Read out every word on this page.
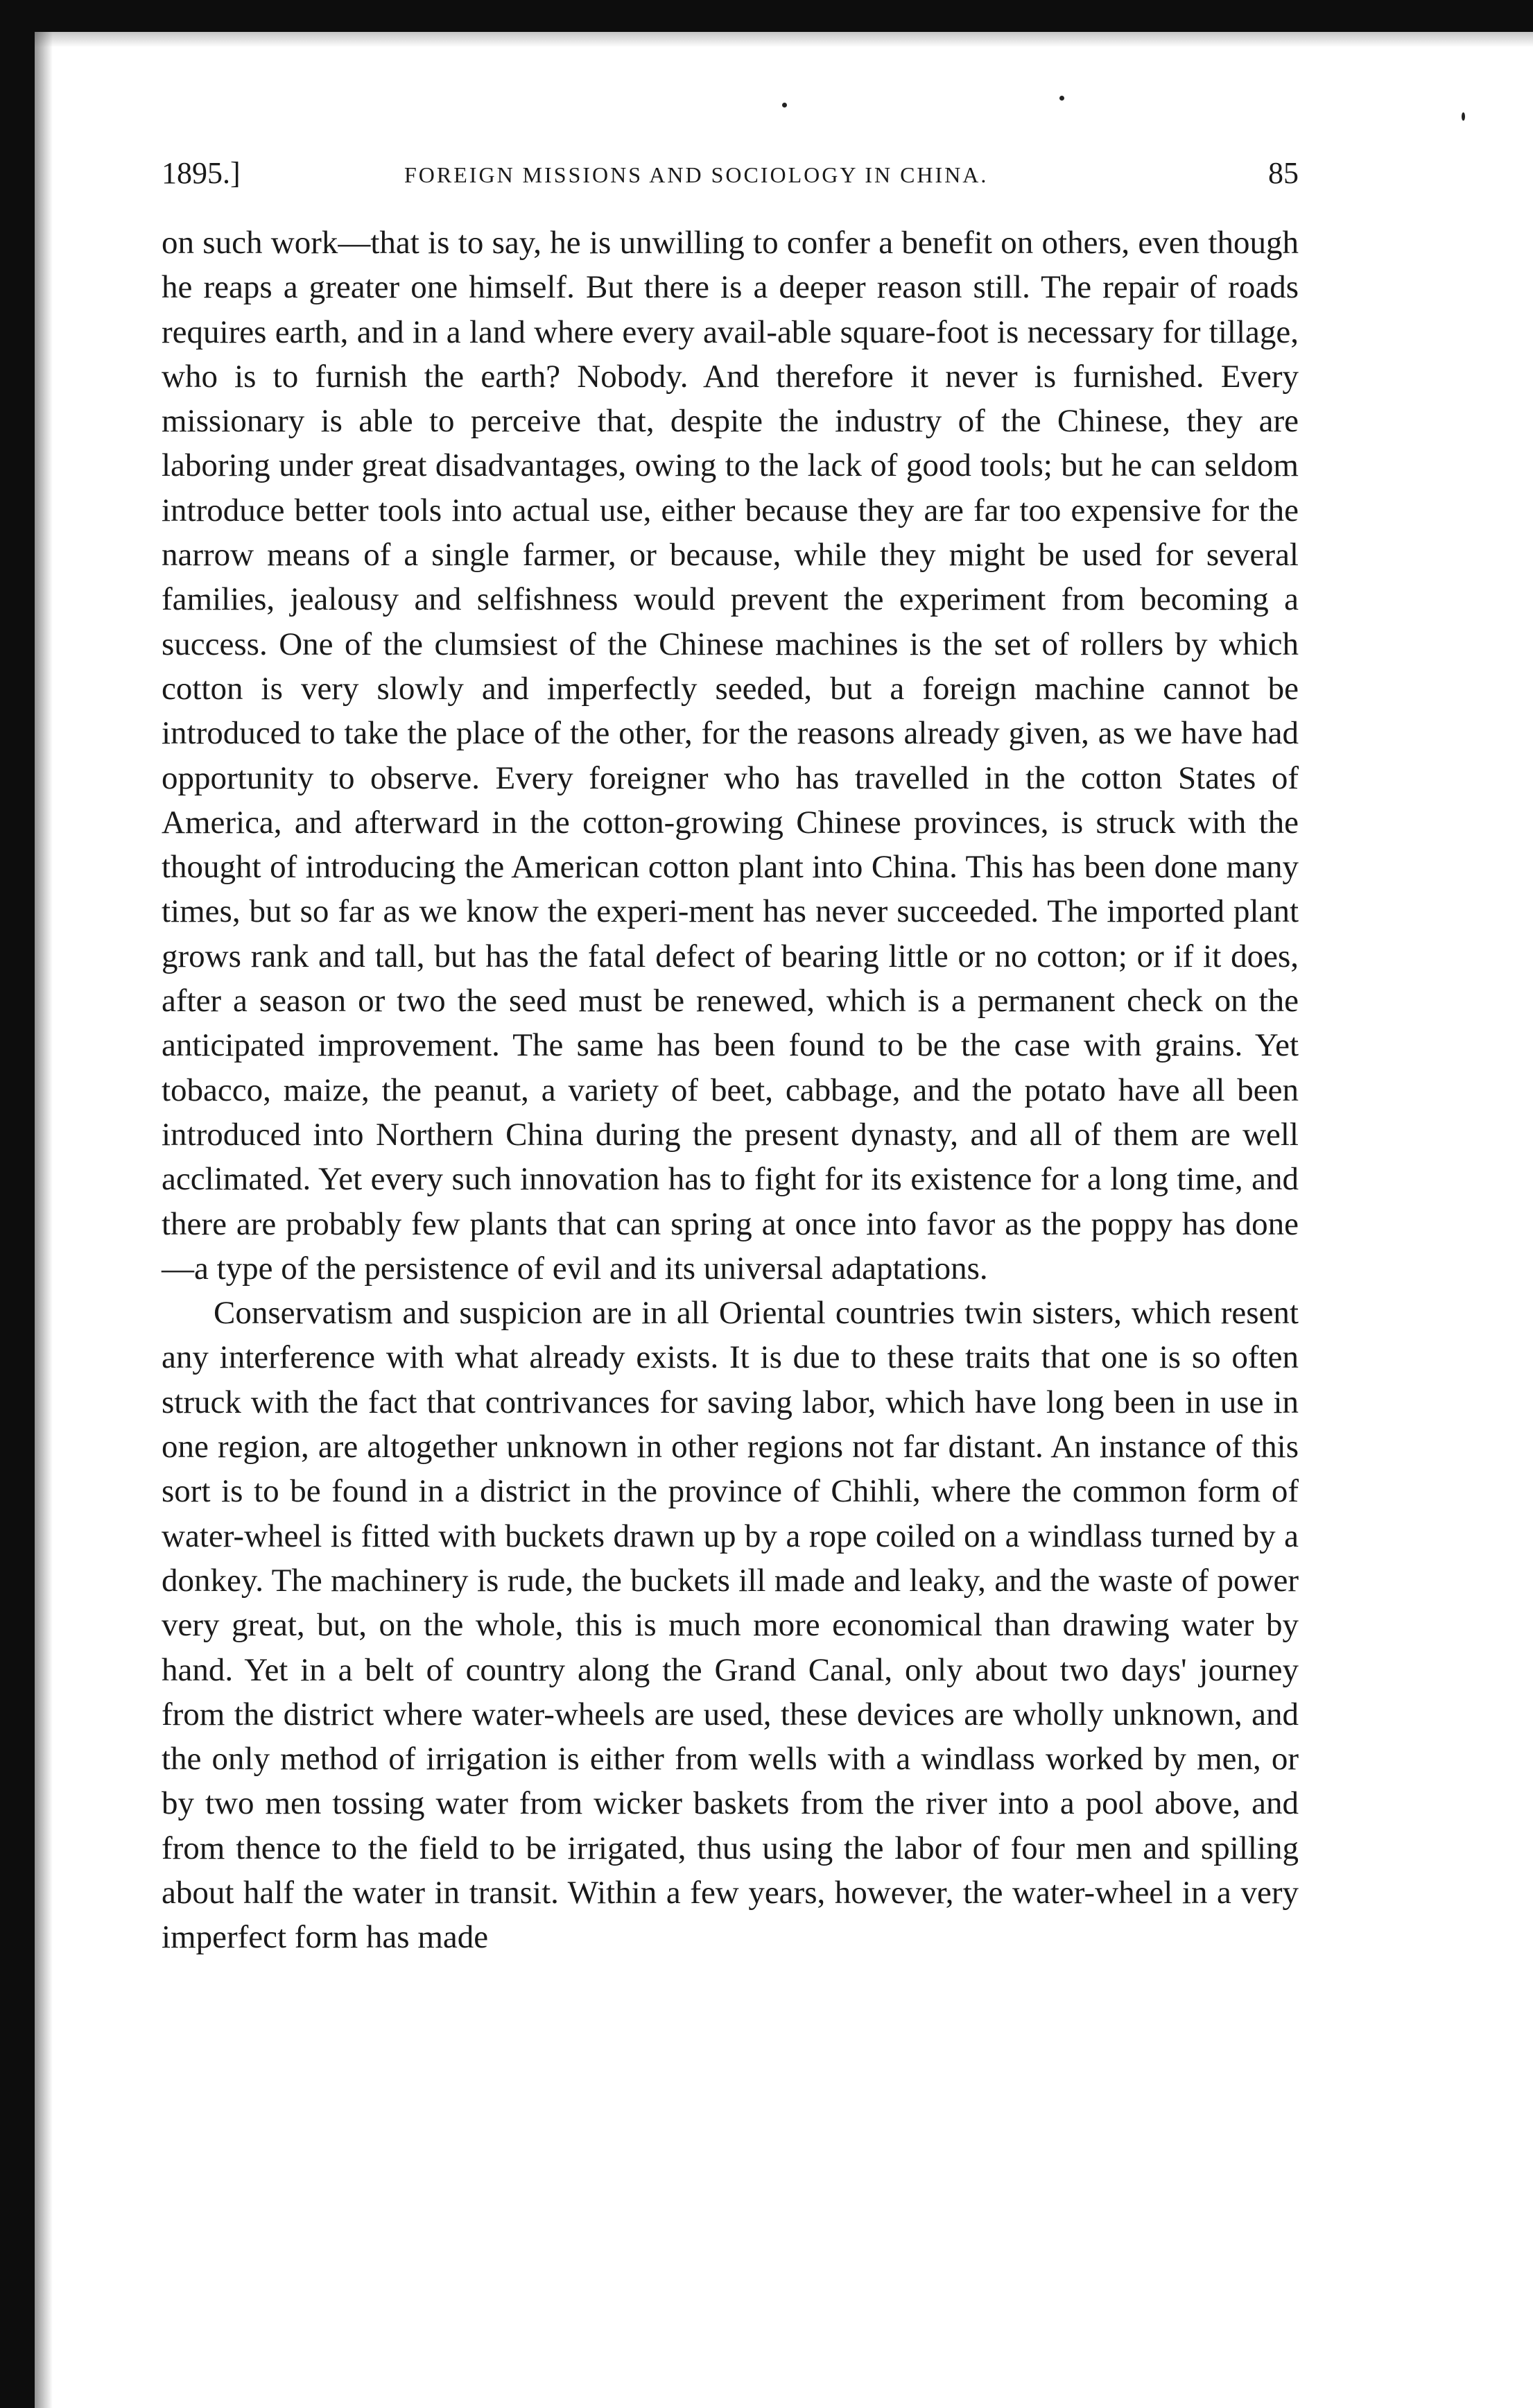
1895.]	FOREIGN MISSIONS AND SOCIOLOGY IN CHINA.	85

on such work—that is to say, he is unwilling to confer a benefit on others, even though he reaps a greater one himself. But there is a deeper reason still. The repair of roads requires earth, and in a land where every avail-able square-foot is necessary for tillage, who is to furnish the earth? Nobody. And therefore it never is furnished. Every missionary is able to perceive that, despite the industry of the Chinese, they are laboring under great disadvantages, owing to the lack of good tools; but he can seldom introduce better tools into actual use, either because they are far too expensive for the narrow means of a single farmer, or because, while they might be used for several families, jealousy and selfishness would prevent the experiment from becoming a success. One of the clumsiest of the Chinese machines is the set of rollers by which cotton is very slowly and imperfectly seeded, but a foreign machine cannot be introduced to take the place of the other, for the reasons already given, as we have had opportunity to observe. Every foreigner who has travelled in the cotton States of America, and afterward in the cotton-growing Chinese provinces, is struck with the thought of introducing the American cotton plant into China. This has been done many times, but so far as we know the experi-ment has never succeeded. The imported plant grows rank and tall, but has the fatal defect of bearing little or no cotton; or if it does, after a season or two the seed must be renewed, which is a permanent check on the anticipated improvement. The same has been found to be the case with grains. Yet tobacco, maize, the peanut, a variety of beet, cabbage, and the potato have all been introduced into Northern China during the present dynasty, and all of them are well acclimated. Yet every such innovation has to fight for its existence for a long time, and there are probably few plants that can spring at once into favor as the poppy has done—a type of the persistence of evil and its universal adaptations.

Conservatism and suspicion are in all Oriental countries twin sisters, which resent any interference with what already exists. It is due to these traits that one is so often struck with the fact that contrivances for saving labor, which have long been in use in one region, are altogether unknown in other regions not far distant. An instance of this sort is to be found in a district in the province of Chihli, where the common form of water-wheel is fitted with buckets drawn up by a rope coiled on a windlass turned by a donkey. The machinery is rude, the buckets ill made and leaky, and the waste of power very great, but, on the whole, this is much more economical than drawing water by hand. Yet in a belt of country along the Grand Canal, only about two days' journey from the district where water-wheels are used, these devices are wholly unknown, and the only method of irrigation is either from wells with a windlass worked by men, or by two men tossing water from wicker baskets from the river into a pool above, and from thence to the field to be irrigated, thus using the labor of four men and spilling about half the water in transit. Within a few years, however, the water-wheel in a very imperfect form has made
